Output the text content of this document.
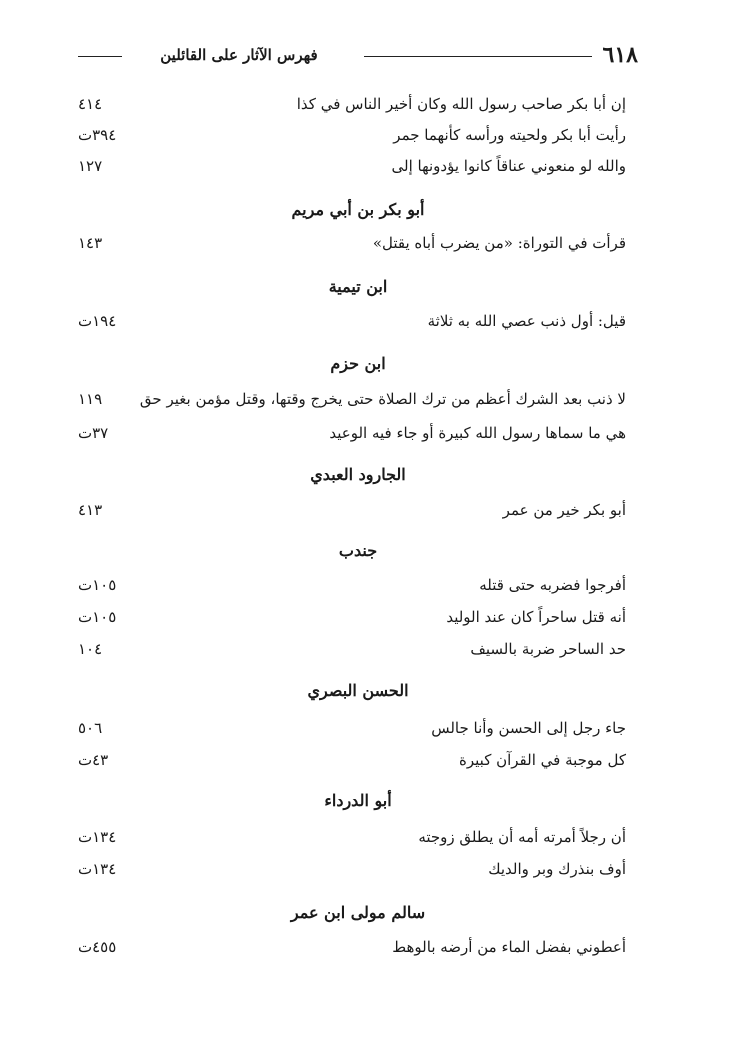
٦١٨
فهرس الآثار على القائلين
إن أبا بكر صاحب رسول الله وكان أخير الناس في كذا
٤١٤
رأيت أبا بكر ولحيته ورأسه كأنهما جمر
٣٩٤ت
والله لو منعوني عناقاً كانوا يؤدونها إلى
١٢٧
أبو بكر بن أبي مريم
قرأت في التوراة: «من يضرب أباه يقتل»
١٤٣
ابن تيمية
قيل: أول ذنب عصي الله به ثلاثة
١٩٤ت
ابن حزم
لا ذنب بعد الشرك أعظم من ترك الصلاة حتى يخرج وقتها، وقتل مؤمن بغير حق
١١٩
هي ما سماها رسول الله كبيرة أو جاء فيه الوعيد
٣٧ت
الجارود العبدي
أبو بكر خير من عمر
٤١٣
جندب
أفرجوا فضربه حتى قتله
١٠٥ت
أنه قتل ساحراً كان عند الوليد
١٠٥ت
حد الساحر ضربة بالسيف
١٠٤
الحسن البصري
جاء رجل إلى الحسن وأنا جالس
٥٠٦
كل موجبة في القرآن كبيرة
٤٣ت
أبو الدرداء
أن رجلاً أمرته أمه أن يطلق زوجته
١٣٤ت
أوف بنذرك وبر والديك
١٣٤ت
سالم مولى ابن عمر
أعطوني بفضل الماء من أرضه بالوهط
٤٥٥ت
